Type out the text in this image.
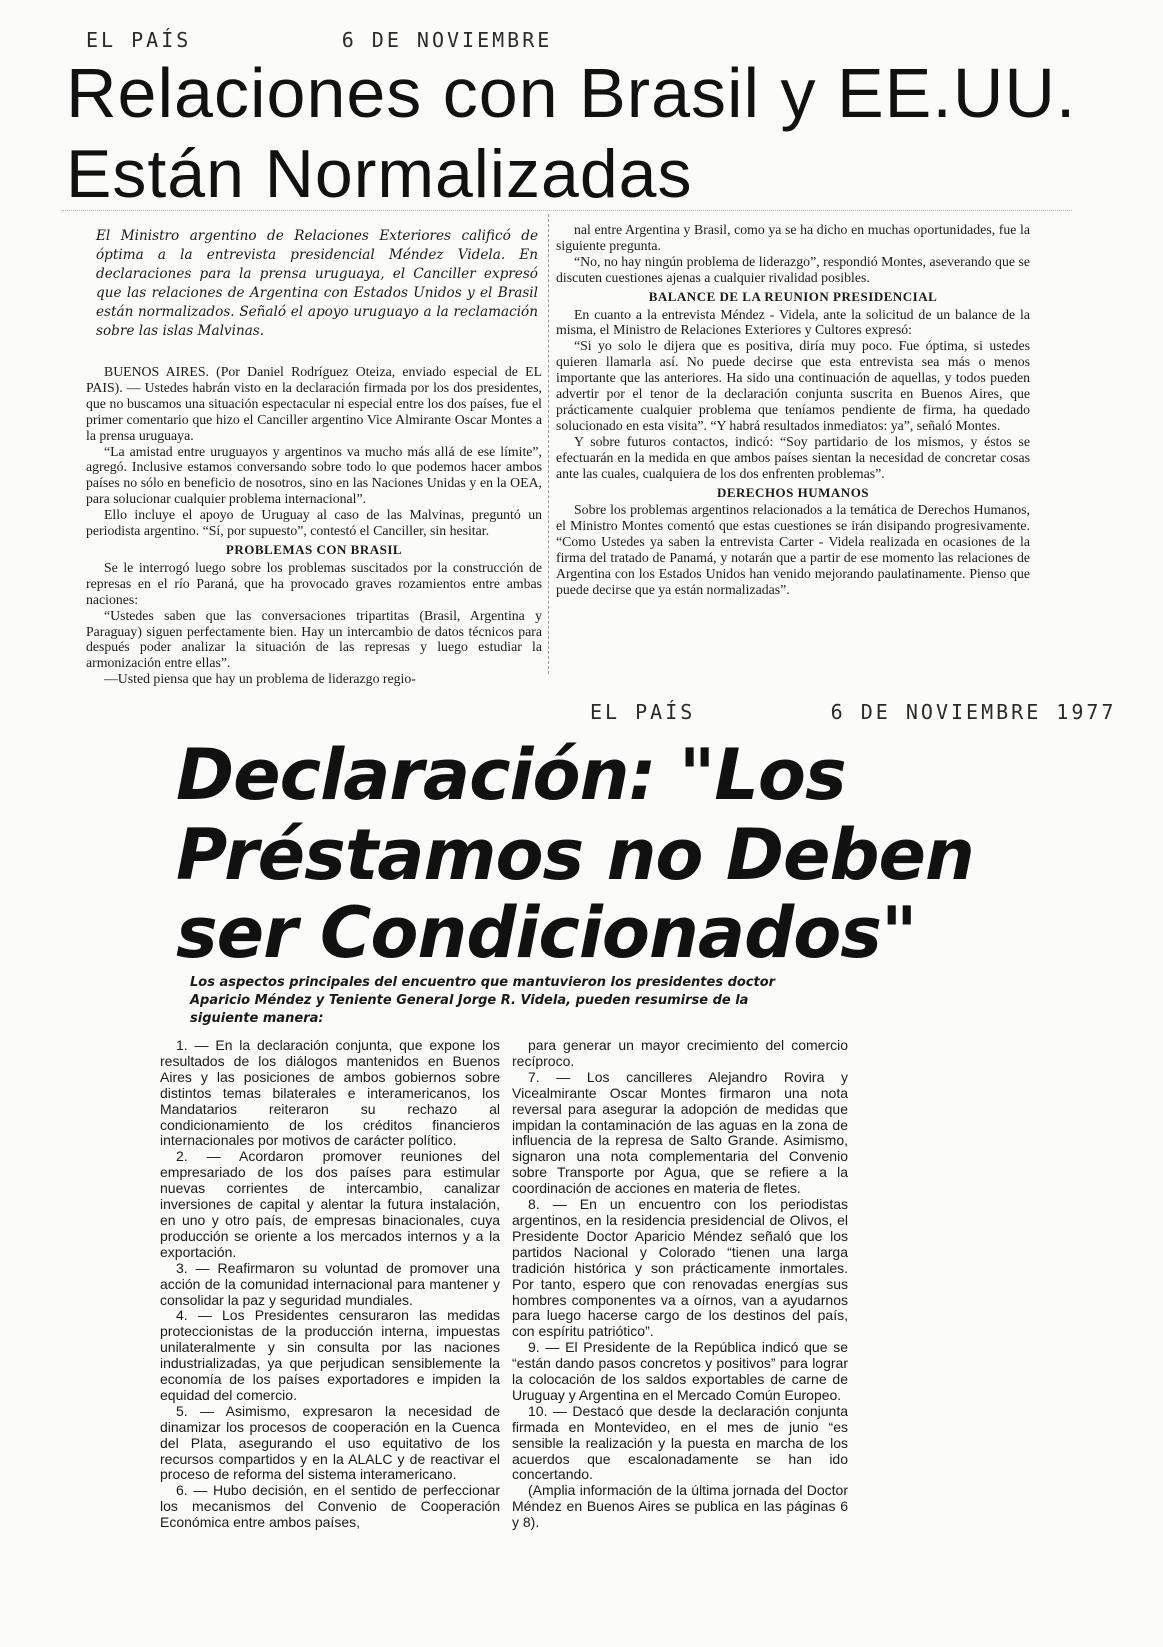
EL PAÍS          6 DE NOVIEMBRE
EL PAÍS         6 DE NOVIEMBRE 1977
Relaciones con Brasil y EE.UU.
Están Normalizadas
El Ministro argentino de Relaciones Exteriores calificó de óptima a la entrevista presidencial Méndez Videla. En declaraciones para la prensa uruguaya, el Canciller expresó que las relaciones de Argentina con Estados Unidos y el Brasil están normalizados. Señaló el apoyo uruguayo a la reclamación sobre las islas Malvinas.

BUENOS AIRES. (Por Daniel Rodríguez Oteiza, enviado especial de EL PAIS). — Ustedes habrán visto en la declaración firmada por los dos presidentes, que no buscamos una situación espectacular ni especial entre los dos países, fue el primer comentario que hizo el Canciller argentino Vice Almirante Oscar Montes a la prensa uruguaya.

“La amistad entre uruguayos y argentinos va mucho más allá de ese límite”, agregó. Inclusive estamos conversando sobre todo lo que podemos hacer ambos países no sólo en beneficio de nosotros, sino en las Naciones Unidas y en la OEA, para solucionar cualquier problema internacional”.

Ello incluye el apoyo de Uruguay al caso de las Malvinas, preguntó un periodista argentino. “Sí, por supuesto”, contestó el Canciller, sin hesitar.

PROBLEMAS CON BRASIL

Se le interrogó luego sobre los problemas suscitados por la construcción de represas en el río Paraná, que ha provocado graves rozamientos entre ambas naciones:

“Ustedes saben que las conversaciones tripartitas (Brasil, Argentina y Paraguay) siguen perfectamente bien. Hay un intercambio de datos técnicos para después poder analizar la situación de las represas y luego estudiar la armonización entre ellas”.

—Usted piensa que hay un problema de liderazgo regio-

nal entre Argentina y Brasil, como ya se ha dicho en muchas oportunidades, fue la siguiente pregunta.

“No, no hay ningún problema de liderazgo”, respondió Montes, aseverando que se discuten cuestiones ajenas a cualquier rivalidad posibles.

BALANCE DE LA REUNION PRESIDENCIAL

En cuanto a la entrevista Méndez - Videla, ante la solicitud de un balance de la misma, el Ministro de Relaciones Exteriores y Cultores expresó:

“Si yo solo le dijera que es positiva, diría muy poco. Fue óptima, si ustedes quieren llamarla así. No puede decirse que esta entrevista sea más o menos importante que las anteriores. Ha sido una continuación de aquellas, y todos pueden advertir por el tenor de la declaración conjunta suscrita en Buenos Aires, que prácticamente cualquier problema que teníamos pendiente de firma, ha quedado solucionado en esta visita”. “Y habrá resultados inmediatos: ya”, señaló Montes.

Y sobre futuros contactos, indicó: “Soy partidario de los mismos, y éstos se efectuarán en la medida en que ambos países sientan la necesidad de concretar cosas ante las cuales, cualquiera de los dos enfrenten problemas”.

DERECHOS HUMANOS

Sobre los problemas argentinos relacionados a la temática de Derechos Humanos, el Ministro Montes comentó que estas cuestiones se irán disipando progresivamente. “Como Ustedes ya saben la entrevista Carter - Videla realizada en ocasiones de la firma del tratado de Panamá, y notarán que a partir de ese momento las relaciones de Argentina con los Estados Unidos han venido mejorando paulatinamente. Pienso que puede decirse que ya están normalizadas”.

Declaración: "Los
Préstamos no Deben
ser Condicionados"
Los aspectos principales del encuentro que mantuvieron los presidentes doctor Aparicio Méndez y Teniente General Jorge R. Videla, pueden resumirse de la siguiente manera:

1. — En la declaración conjunta, que expone los resultados de los diálogos mantenidos en Buenos Aires y las posiciones de ambos gobiernos sobre distintos temas bilaterales e interamericanos, los Mandatarios reiteraron su rechazo al condicionamiento de los créditos financieros internacionales por motivos de carácter político.

2. — Acordaron promover reuniones del empresariado de los dos países para estimular nuevas corrientes de intercambio, canalizar inversiones de capital y alentar la futura instalación, en uno y otro país, de empresas binacionales, cuya producción se oriente a los mercados internos y a la exportación.

3. — Reafirmaron su voluntad de promover una acción de la comunidad internacional para mantener y consolidar la paz y seguridad mundiales.

4. — Los Presidentes censuraron las medidas proteccionistas de la producción interna, impuestas unilateralmente y sin consulta por las naciones industrializadas, ya que perjudican sensiblemente la economía de los países exportadores e impiden la equidad del comercio.

5. — Asimismo, expresaron la necesidad de dinamizar los procesos de cooperación en la Cuenca del Plata, asegurando el uso equitativo de los recursos compartidos y en la ALALC y de reactivar el proceso de reforma del sistema interamericano.

6. — Hubo decisión, en el sentido de perfeccionar los mecanismos del Convenio de Cooperación Económica entre ambos países,

para generar un mayor crecimiento del comercio recíproco.

7. — Los cancilleres Alejandro Rovira y Vicealmirante Oscar Montes firmaron una nota reversal para asegurar la adopción de medidas que impidan la contaminación de las aguas en la zona de influencia de la represa de Salto Grande. Asimismo, signaron una nota complementaria del Convenio sobre Transporte por Agua, que se refiere a la coordinación de acciones en materia de fletes.

8. — En un encuentro con los periodistas argentinos, en la residencia presidencial de Olivos, el Presidente Doctor Aparicio Méndez señaló que los partidos Nacional y Colorado “tienen una larga tradición histórica y son prácticamente inmortales. Por tanto, espero que con renovadas energías sus hombres componentes va a oírnos, van a ayudarnos para luego hacerse cargo de los destinos del país, con espíritu patriótico”.

9. — El Presidente de la República indicó que se “están dando pasos concretos y positivos” para lograr la colocación de los saldos exportables de carne de Uruguay y Argentina en el Mercado Común Europeo.

10. — Destacó que desde la declaración conjunta firmada en Montevideo, en el mes de junio “es sensible la realización y la puesta en marcha de los acuerdos que escalonadamente se han ido concertando.

(Amplia información de la última jornada del Doctor Méndez en Buenos Aires se publica en las páginas 6 y 8).
